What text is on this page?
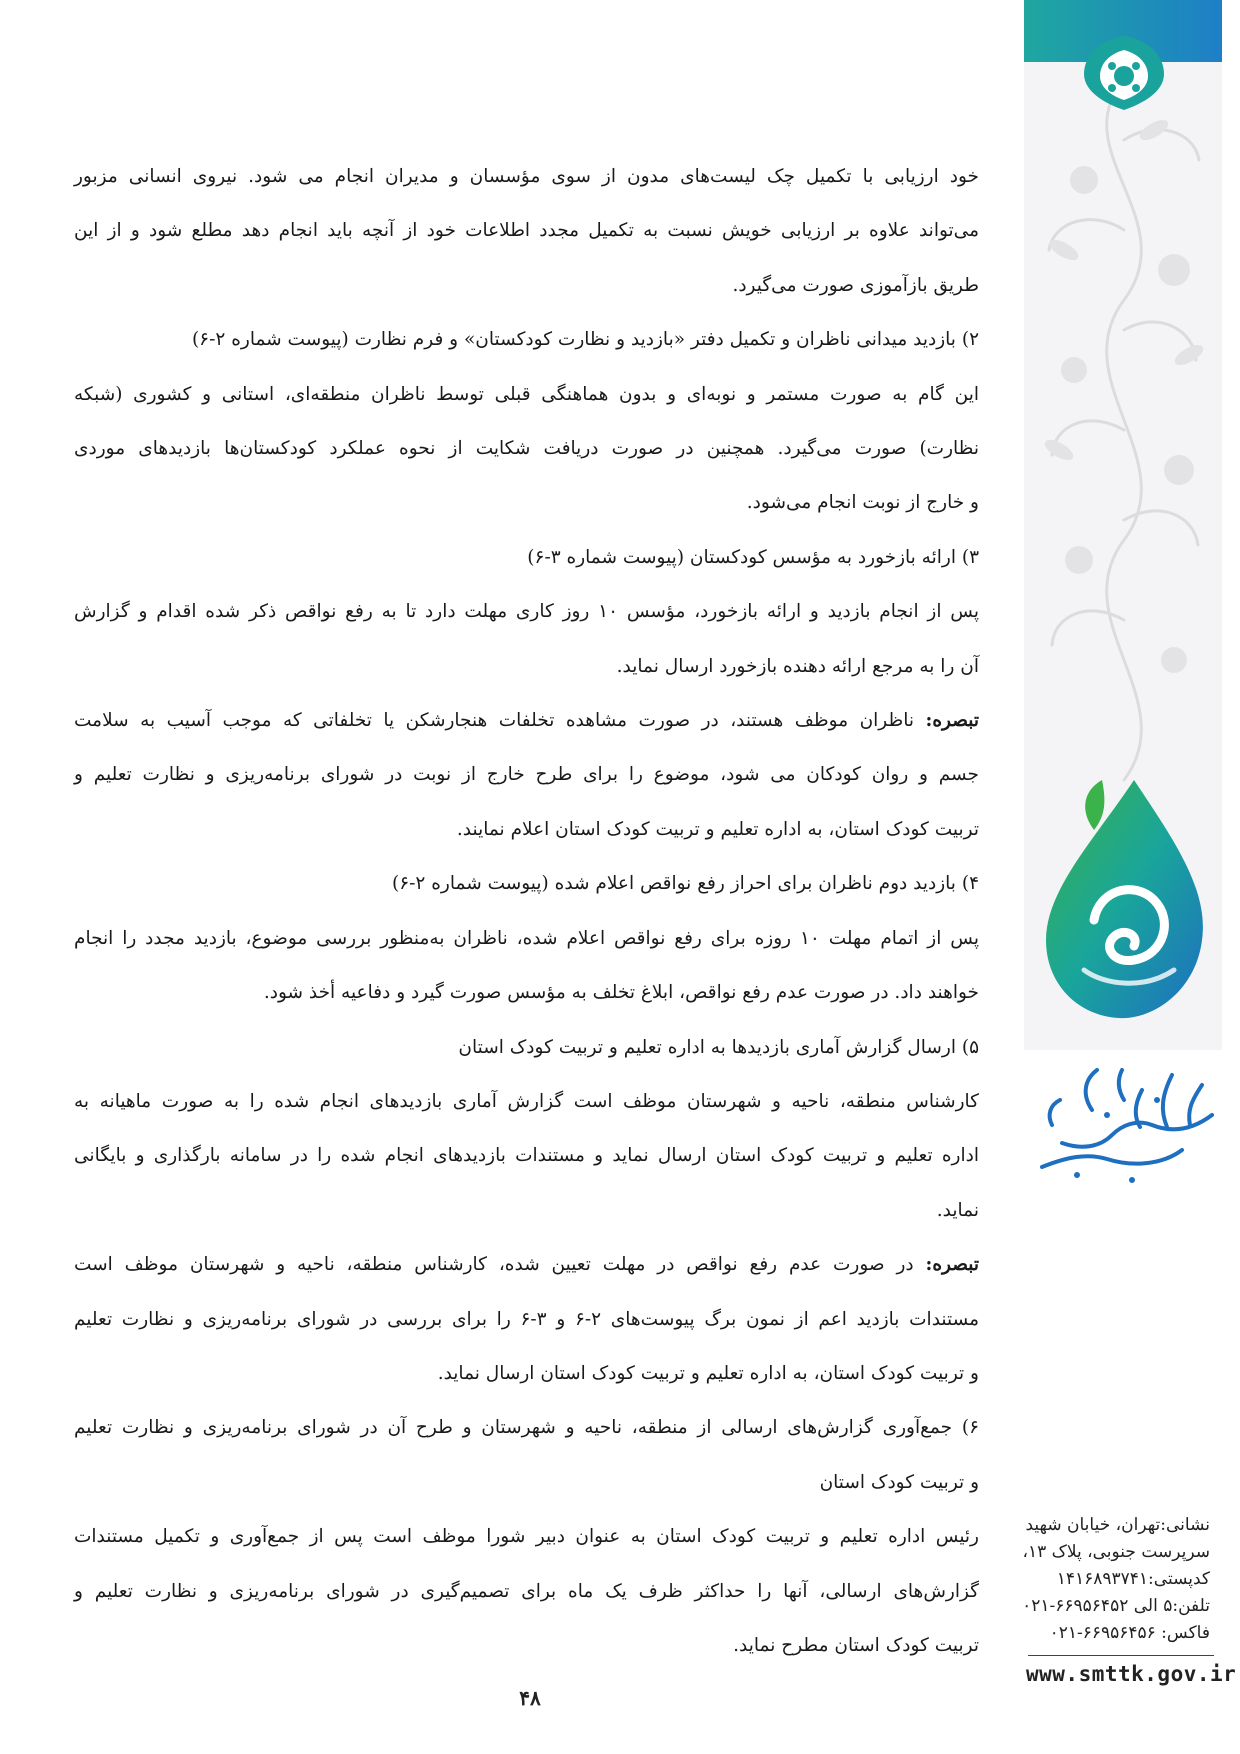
نشانی:تهران، خیابان شهید
سرپرست جنوبی، پلاک ۱۳،
کدپستی:۱۴۱۶۸۹۳۷۴۱
تلفن:۵ الی ۶۶۹۵۶۴۵۲-۰۲۱
فاکس: ۶۶۹۵۶۴۵۶-۰۲۱
www.smttk.gov.ir

خود ارزیابی با تکمیل چک لیست‌های مدون از سوی مؤسسان و مدیران انجام می شود. نیروی انسانی مزبور

می‌تواند علاوه بر ارزیابی خویش نسبت به تکمیل مجدد اطلاعات خود از آنچه باید انجام دهد مطلع شود و از این

طریق بازآموزی صورت می‌گیرد.

۲) بازدید میدانی ناظران و تکمیل دفتر «بازدید و نظارت کودکستان» و فرم نظارت (پیوست شماره ۲-۶)

این گام به صورت مستمر و نوبه‌ای و بدون هماهنگی قبلی توسط ناظران منطقه‌ای، استانی و کشوری (شبکه

نظارت) صورت می‌گیرد. همچنین در صورت دریافت شکایت از نحوه عملکرد کودکستان‌ها بازدیدهای موردی

و خارج از نوبت انجام می‌شود.

۳) ارائه بازخورد به مؤسس کودکستان (پیوست شماره ۳-۶)

پس از انجام بازدید و ارائه بازخورد، مؤسس ۱۰ روز کاری مهلت دارد تا به رفع نواقص ذکر شده اقدام و گزارش

آن را به مرجع ارائه دهنده بازخورد ارسال نماید.

تبصره: ناظران موظف هستند، در صورت مشاهده تخلفات هنجارشکن یا تخلفاتی که موجب آسیب به سلامت

جسم و روان کودکان می شود، موضوع را برای طرح خارج از نوبت در شورای برنامه‌ریزی و نظارت تعلیم و

تربیت کودک استان، به اداره تعلیم و تربیت کودک استان اعلام نمایند.

۴) بازدید دوم ناظران برای احراز رفع نواقص اعلام شده (پیوست شماره ۲-۶)

پس از اتمام مهلت ۱۰ روزه برای رفع نواقص اعلام شده، ناظران به‌منظور بررسی موضوع، بازدید مجدد را انجام

خواهند داد. در صورت عدم رفع نواقص، ابلاغ تخلف به مؤسس صورت گیرد و دفاعیه أخذ شود.

۵) ارسال گزارش آماری بازدیدها به اداره تعلیم و تربیت کودک استان

کارشناس منطقه، ناحیه و شهرستان موظف است گزارش آماری بازدیدهای انجام شده را به صورت ماهیانه به

اداره تعلیم و تربیت کودک استان ارسال نماید و مستندات بازدیدهای انجام شده را در سامانه بارگذاری و بایگانی

نماید.

تبصره: در صورت عدم رفع نواقص در مهلت تعیین شده، کارشناس منطقه، ناحیه و شهرستان موظف است

مستندات بازدید اعم از نمون برگ پیوست‌های ۲-۶ و ۳-۶ را برای بررسی در شورای برنامه‌ریزی و نظارت تعلیم

و تربیت کودک استان، به اداره تعلیم و تربیت کودک استان ارسال نماید.

۶) جمع‌آوری گزارش‌های ارسالی از منطقه، ناحیه و شهرستان و طرح آن در شورای برنامه‌ریزی و نظارت تعلیم

و تربیت کودک استان

رئیس اداره تعلیم و تربیت کودک استان به عنوان دبیر شورا موظف است پس از جمع‌آوری و تکمیل مستندات

گزارش‌های ارسالی، آنها را حداکثر ظرف یک ماه برای تصمیم‌گیری در شورای برنامه‌ریزی و نظارت تعلیم و

تربیت کودک استان مطرح نماید.

۴۸
